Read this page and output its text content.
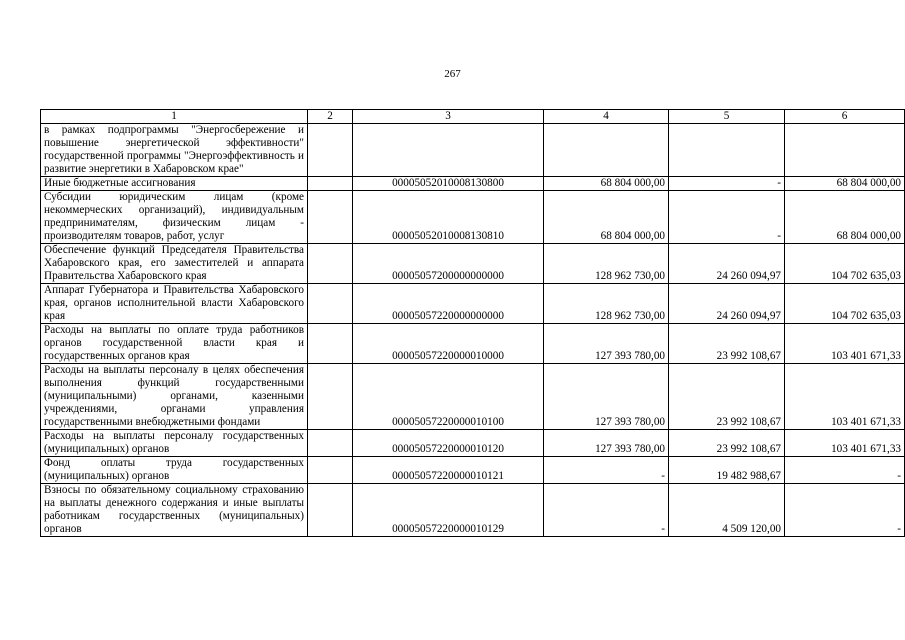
267
1	2	3	4	5	6
в рамках подпрограммы "Энергосбережение и повышение энергетической эффективности" государственной программы "Энергоэффективность и развитие энергетики в Хабаровском крае"					
Иные бюджетные ассигнования		00005052010008130800	68 804 000,00	-	68 804 000,00
Субсидии юридическим лицам (кроме некоммерческих организаций), индивидуальным предпринимателям, физическим лицам - производителям товаров, работ, услуг		00005052010008130810	68 804 000,00	-	68 804 000,00
Обеспечение функций Председателя Правительства Хабаровского края, его заместителей и аппарата Правительства Хабаровского края		00005057200000000000	128 962 730,00	24 260 094,97	104 702 635,03
Аппарат Губернатора и Правительства Хабаровского края, органов исполнительной власти Хабаровского края		00005057220000000000	128 962 730,00	24 260 094,97	104 702 635,03
Расходы на выплаты по оплате труда работников органов государственной власти края и государственных органов края		00005057220000010000	127 393 780,00	23 992 108,67	103 401 671,33
Расходы на выплаты персоналу в целях обеспечения выполнения функций государственными (муниципальными) органами, казенными учреждениями, органами управления государственными внебюджетными фондами		00005057220000010100	127 393 780,00	23 992 108,67	103 401 671,33
Расходы на выплаты персоналу государственных (муниципальных) органов		00005057220000010120	127 393 780,00	23 992 108,67	103 401 671,33
Фонд оплаты труда государственных (муниципальных) органов		00005057220000010121	-	19 482 988,67	-
Взносы по обязательному социальному страхованию на выплаты денежного содержания и иные выплаты работникам государственных (муниципальных) органов		00005057220000010129	-	4 509 120,00	-
